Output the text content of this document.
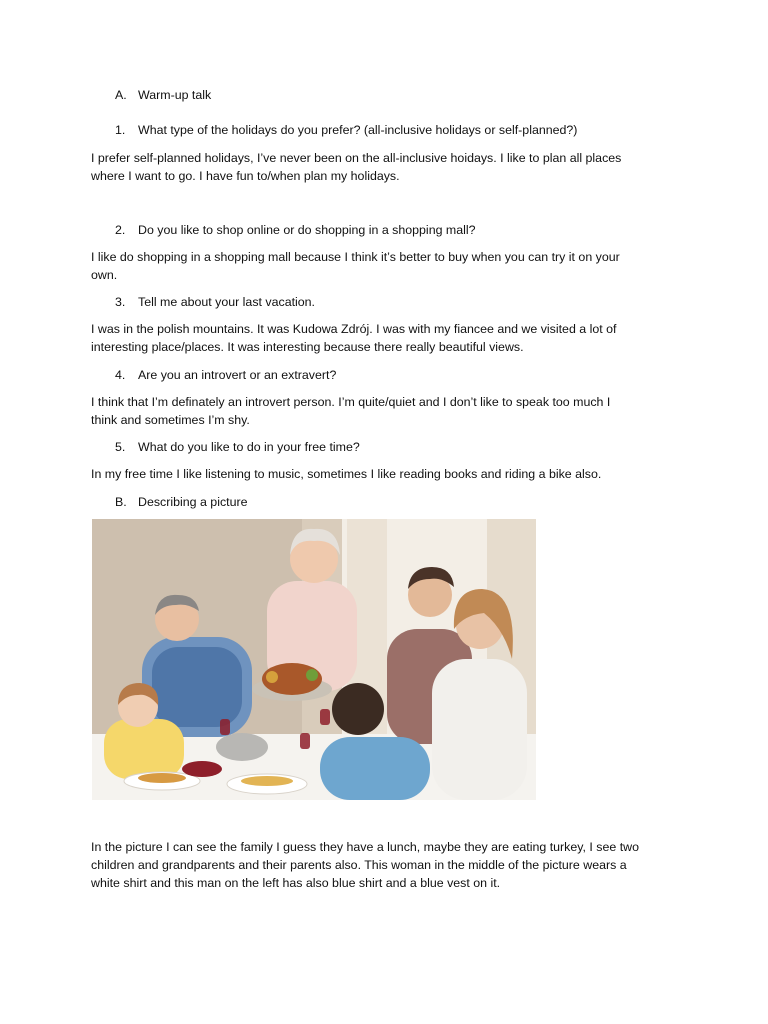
A. Warm-up talk
1. What type of the holidays do you prefer? (all-inclusive holidays or self-planned?)

I prefer self-planned holidays, I’ve never been on the all-inclusive hoidays. I like to plan all places

where I want to go. I have fun to/when plan my holidays.

2. Do you like to shop online or do shopping in a shopping mall?

I like do shopping in a shopping mall because I think it’s better to buy when you can try it on your

own.

3. Tell me about your last vacation.

I was in the polish mountains. It was Kudowa Zdrój. I was with my fiancee and we visited a lot of

interesting place/places. It was interesting because there really beautiful views.

4. Are you an introvert or an extravert?

I think that I’m definately an introvert person. I’m quite/quiet and I don’t like to speak too much I

think and sometimes I’m shy.

5. What do you like to do in your free time?

In my free time I like listening to music, sometimes I like reading books and riding a bike also.

B. Describing a picture

In the picture I can see the family I guess they have a lunch, maybe they are eating turkey, I see two

children and grandparents and their parents also. This woman in the middle of the picture wears a

white shirt and this man on the left has also blue shirt and a blue vest on it.
